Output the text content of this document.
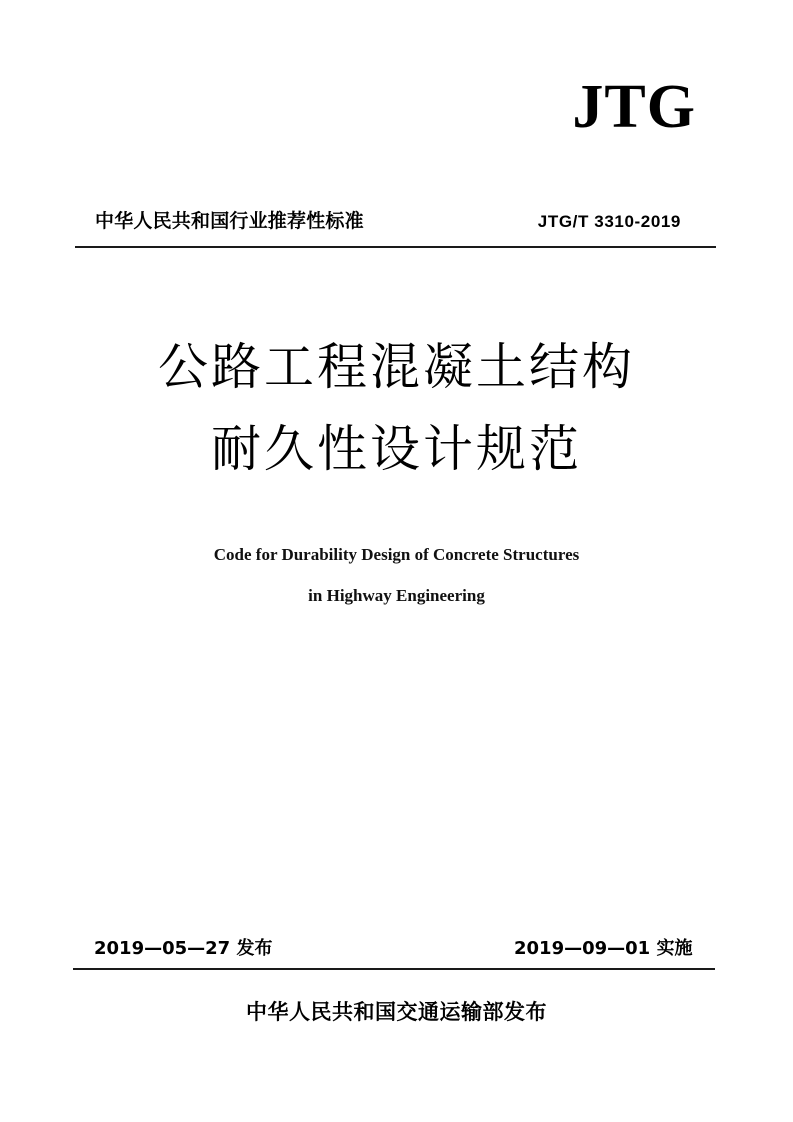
JTG
中华人民共和国行业推荐性标准	JTG/T 3310-2019
公路工程混凝土结构
耐久性设计规范
Code for Durability Design of Concrete Structures
in Highway Engineering
2019—05—27 发布	2019—09—01 实施
中华人民共和国交通运输部发布
